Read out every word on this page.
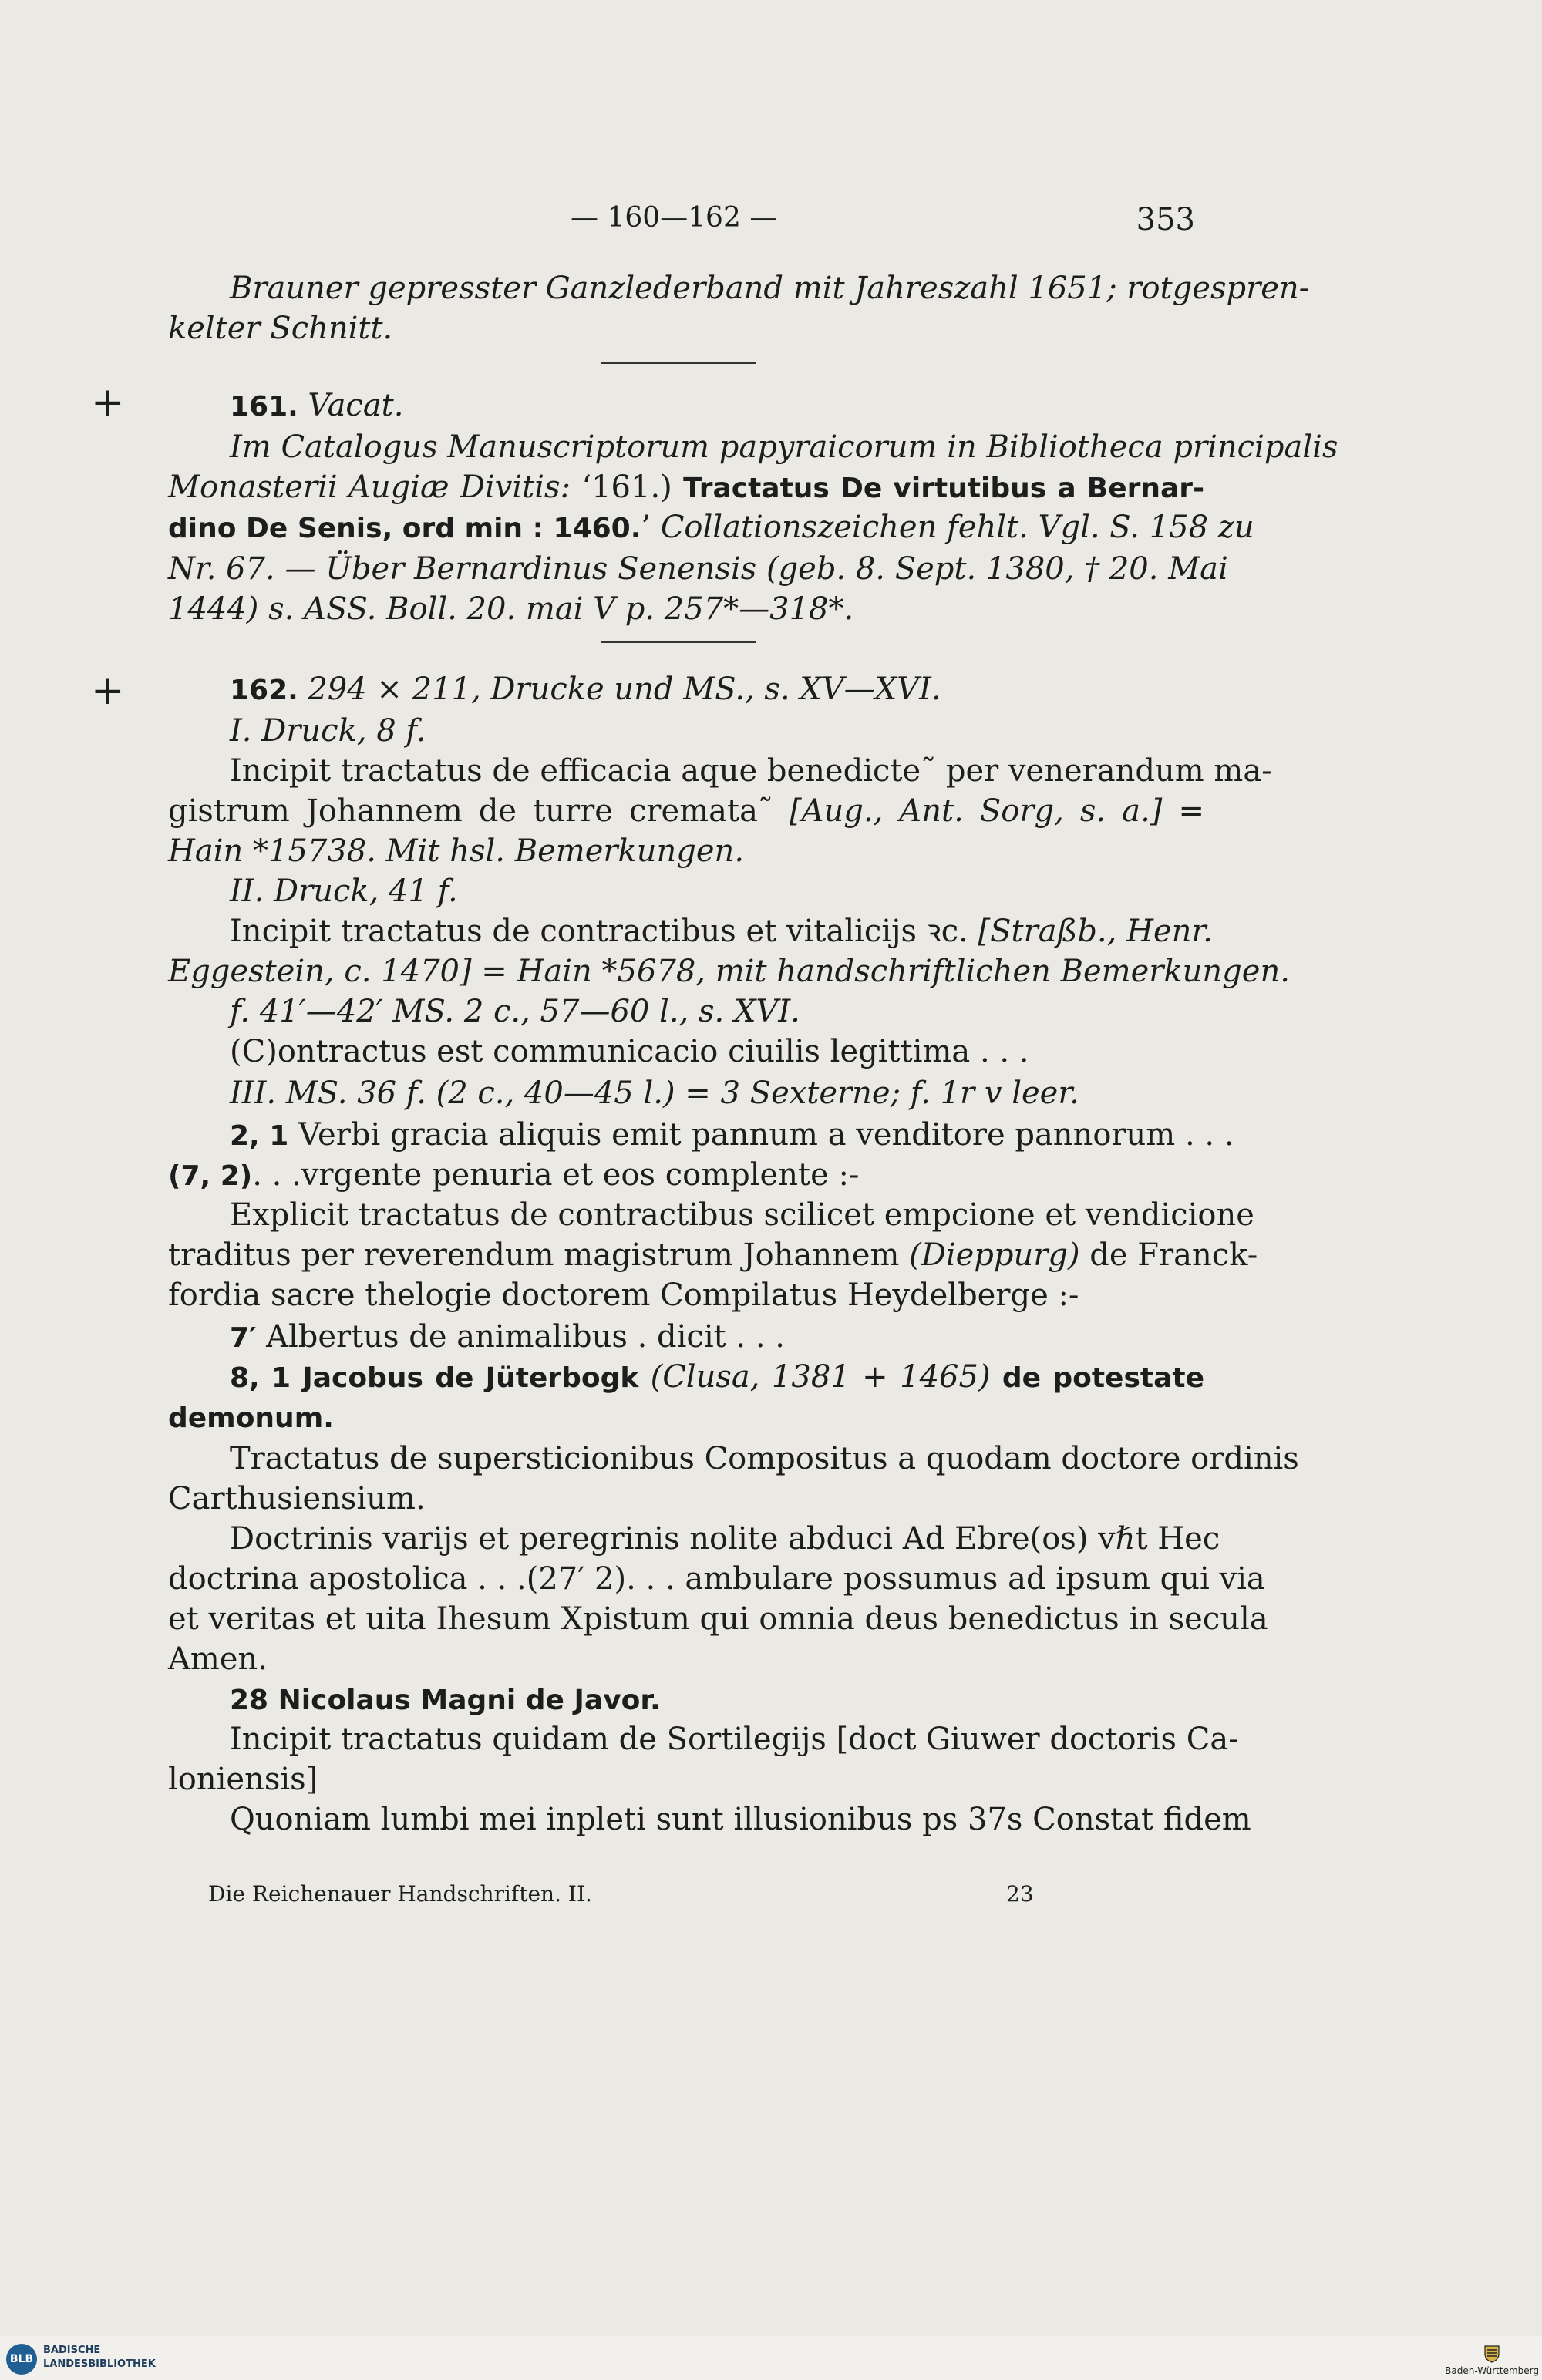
— 160—162 —	353
+
+
Brauner gepresster Ganzlederband mit Jahreszahl 1651; rotgespren-
kelter Schnitt.
161. Vacat.
Im Catalogus Manuscriptorum papyraicorum in Bibliotheca principalis
Monasterii Augiæ Divitis: ‘161.) Tractatus De virtutibus a Bernar-
dino De Senis, ord min : 1460.’ Collationszeichen fehlt. Vgl. S. 158 zu
Nr. 67. — Über Bernardinus Senensis (geb. 8. Sept. 1380, † 20. Mai
1444) s. ASS. Boll. 20. mai V p. 257*—318*.
162. 294 × 211, Drucke und MS., s. XV—XVI.
I. Druck, 8 f.
Incipit tractatus de efficacia aque benedicte˜ per venerandum ma-
gistrum Johannem de turre cremata˜ [Aug., Ant. Sorg, s. a.] =
Hain *15738. Mit hsl. Bemerkungen.
II. Druck, 41 f.
Incipit tractatus de contractibus et vitalicijs ꝛc. [Straßb., Henr.
Eggestein, c. 1470] = Hain *5678, mit handschriftlichen Bemerkungen.
f. 41′—42′ MS. 2 c., 57—60 l., s. XVI.
(C)ontractus est communicacio ciuilis legittima . . .
III. MS. 36 f. (2 c., 40—45 l.) = 3 Sexterne; f. 1r v leer.
2, 1 Verbi gracia aliquis emit pannum a venditore pannorum . . .
(7, 2). . .vrgente penuria et eos complente :-
Explicit tractatus de contractibus scilicet empcione et vendicione
traditus per reverendum magistrum Johannem (Dieppurg) de Franck-
fordia sacre thelogie doctorem Compilatus Heydelberge :-
7′ Albertus de animalibus . dicit . . .
8, 1 Jacobus de Jüterbogk (Clusa, 1381 + 1465) de potestate
demonum.
Tractatus de supersticionibus Compositus a quodam doctore ordinis
Carthusiensium.
Doctrinis varijs et peregrinis nolite abduci Ad Ebre(os) vℏt Hec
doctrina apostolica . . .(27′ 2). . . ambulare possumus ad ipsum qui via
et veritas et uita Ihesum Xpistum qui omnia deus benedictus in secula
Amen.
28 Nicolaus Magni de Javor.
Incipit tractatus quidam de Sortilegijs [doct Giuwer doctoris Ca-
loniensis]
Quoniam lumbi mei inpleti sunt illusionibus ps 37s Constat fidem
Die Reichenauer Handschriften. II.	23
BLB
BADISCHE
LANDESBIBLIOTHEK
Baden-Württemberg
